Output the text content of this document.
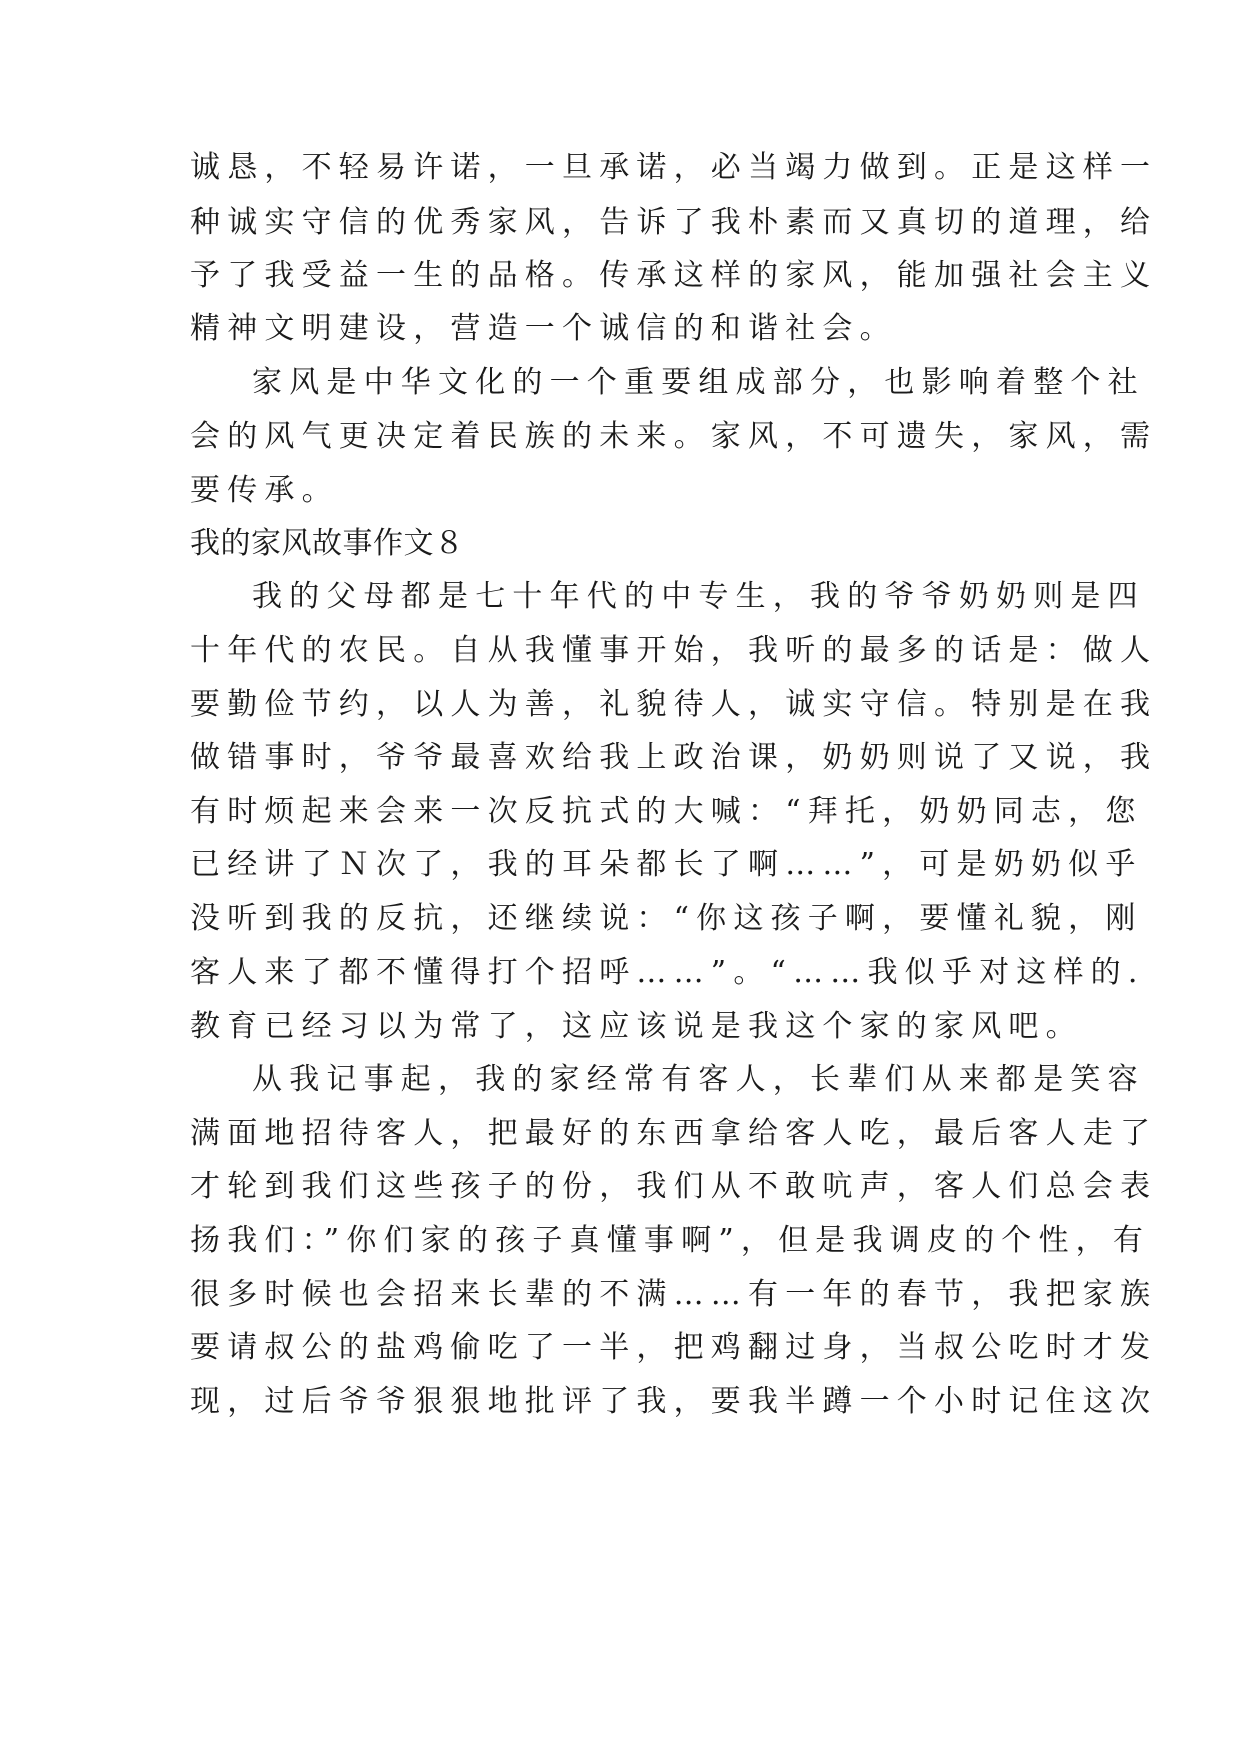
诚恳，不轻易许诺，一旦承诺，必当竭力做到。正是这样一
种诚实守信的优秀家风，告诉了我朴素而又真切的道理，给
予了我受益一生的品格。传承这样的家风，能加强社会主义
精神文明建设，营造一个诚信的和谐社会。
家风是中华文化的一个重要组成部分，也影响着整个社
会的风气更决定着民族的未来。家风，不可遗失，家风，需
要传承。
我的家风故事作文８
我的父母都是七十年代的中专生，我的爷爷奶奶则是四
十年代的农民。自从我懂事开始，我听的最多的话是：做人
要勤俭节约，以人为善，礼貌待人，诚实守信。特别是在我
做错事时，爷爷最喜欢给我上政治课，奶奶则说了又说，我
有时烦起来会来一次反抗式的大喊：“拜托，奶奶同志，您
已经讲了Ｎ次了，我的耳朵都长了啊……”，可是奶奶似乎
没听到我的反抗，还继续说：“你这孩子啊，要懂礼貌，刚
客人来了都不懂得打个招呼……”。“……我似乎对这样的.
教育已经习以为常了，这应该说是我这个家的家风吧。
从我记事起，我的家经常有客人，长辈们从来都是笑容
满面地招待客人，把最好的东西拿给客人吃，最后客人走了
才轮到我们这些孩子的份，我们从不敢吭声，客人们总会表
扬我们：”你们家的孩子真懂事啊”，但是我调皮的个性，有
很多时候也会招来长辈的不满……有一年的春节，我把家族
要请叔公的盐鸡偷吃了一半，把鸡翻过身，当叔公吃时才发
现，过后爷爷狠狠地批评了我，要我半蹲一个小时记住这次
